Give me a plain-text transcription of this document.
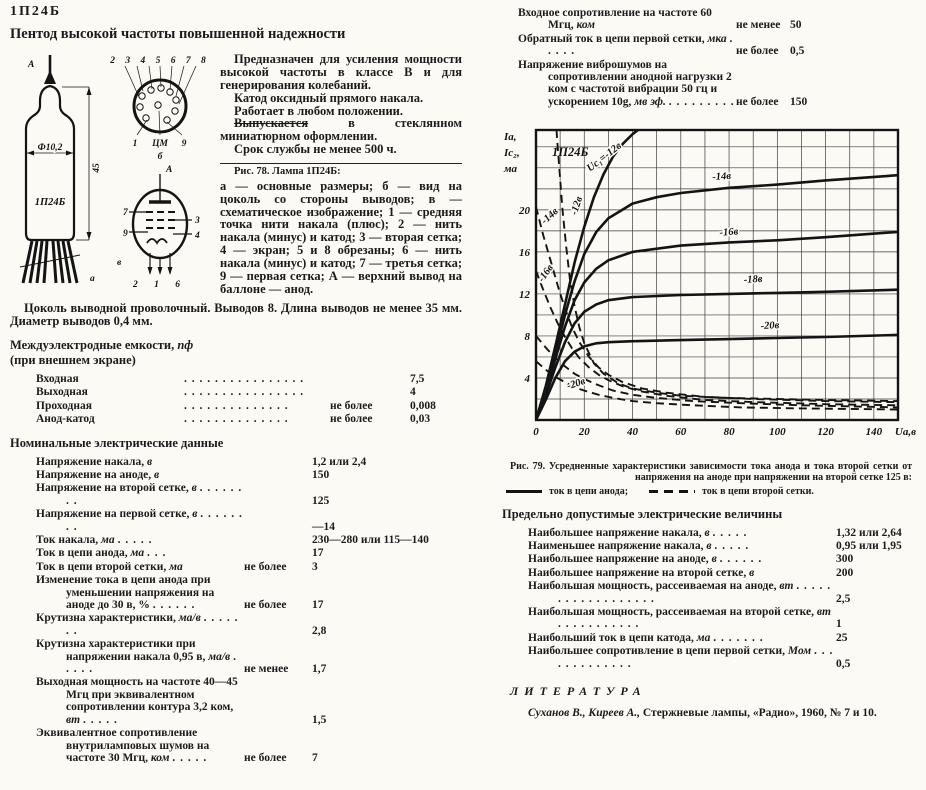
1П24Б
Пентод высокой частоты повышенной надежности
А
Ф10,2
1П24Б
45
а
2 3 4 5 6 7 8
1 ЦМ 9
б
А
7
9
3
4
2 1 6
в

Предназначен для усиления мощности высокой частоты в классе В и для генерирования колебаний.

Катод оксидный прямого накала.

Работает в любом положении.

Выпускается в стеклянном миниатюрном оформлении.

Срок службы не менее 500 ч.

Рис. 78. Лампа 1П24Б:
а — основные размеры; б — вид на цоколь со стороны выводов; в — схематическое изображение; 1 — средняя точка нити накала (плюс); 2 — нить накала (минус) и катод; 3 — вторая сетка; 4 — экран; 5 и 8 обрезаны; 6 — нить накала (минус) и катод; 7 — третья сетка; 9 — первая сетка; А — верхний вывод на баллоне — анод.

Цоколь выводной проволочный. Выводов 8. Длина выводов не менее 35 мм. Диаметр выводов 0,4 мм.

Междуэлектродные емкости, пф
(при внешнем экране)
Входная	. . . . . . . . . . . . . . . .	7,5
Выходная	. . . . . . . . . . . . . . . .	4
Проходная	. . . . . . . . . . . . . .	не более	0,008
Анод-катод	. . . . . . . . . . . . . .	не более	0,03
Номинальные электрические данные
Напряжение накала, в	1,2 или 2,4
Напряжение на аноде, в	150
Напряжение на второй сетке, в . . . . . . . .	125
Напряжение на первой сетке, в . . . . . . . .	—14
Ток накала, ма . . . . .	230—280 или 115—140
Ток в цепи анода, ма . . .	17
Ток в цепи второй сетки, ма	не более	3
Изменение тока в цепи анода при уменьшении напряжения на аноде до 30 в, % . . . . . .	не более	17
Крутизна характеристики, ма/в . . . . . . .	2,8
Крутизна характеристики при напряжении накала 0,95 в, ма/в . . . . .	не менее	1,7
Выходная мощность на частоте 40—45 Мгц при эквивалентном сопротивлении контура 3,2 ком, вт . . . . .	1,5
Эквивалентное сопротивление внутриламповых шумов на частоте 30 Мгц, ком . . . . .	не более	7
Входное сопротивление на частоте 60 Мгц, ком	не менее 50
Обратный ток в цепи первой сетки, мка . . . . .	не более	0,5
Напряжение виброшумов на сопротивлении анодной нагрузки 2 ком с частотой вибрации 50 гц и ускорением 10g, мв эф. . . . . . . . . . не более	150
0	20	40	60	80	100	120	140
4
8
12
16
20
Uа,в
Iа,
Iс₂,
ма
1П24Б
Uс₁=-12в
-14в
-16в
-18в
-20в
-12в
-14в
-16в
-20в

Рис. 79. Усредненные характеристики зависимости тока анода и тока второй сетки от напряжения на аноде при напряжении на второй сетке 125 в:

ток в цепи анода;	ток в цепи второй сетки.
Предельно допустимые электрические величины
Наибольшее напряжение накала, в . . . . .	1,32 или 2,64
Наименьшее напряжение накала, в . . . . .	0,95 или 1,95
Наибольшее напряжение на аноде, в . . . . . .	300
Наибольшее напряжение на второй сетке, в	200
Наибольшая мощность, рассеиваемая на аноде, вт . . . . . . . . . . . . . . . . . .	2,5
Наибольшая мощность, рассеиваемая на второй сетке, вт . . . . . . . . . . .	1
Наибольший ток в цепи катода, ма . . . . . . .	25
Наибольшее сопротивление в цепи первой сетки, Мом . . . . . . . . . . . . .	0,5
ЛИТЕРАТУРА

Суханов В., Киреев А., Стержневые лампы, «Радио», 1960, № 7 и 10.
